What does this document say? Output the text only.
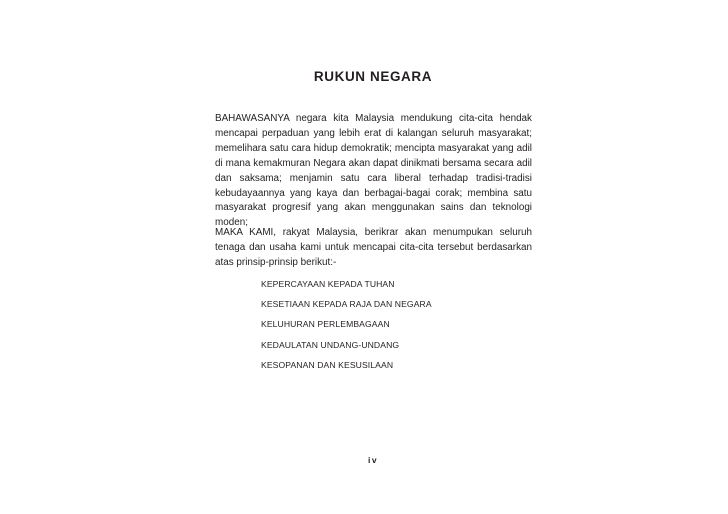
RUKUN NEGARA

BAHAWASANYA negara kita Malaysia mendukung cita-cita hendak mencapai perpaduan yang lebih erat di kalangan seluruh masyarakat; memelihara satu cara hidup demokratik; mencipta masyarakat yang adil di mana kemakmuran Negara akan dapat dinikmati bersama secara adil dan saksama; menjamin satu cara liberal terhadap tradisi-tradisi kebudayaannya yang kaya dan berbagai-bagai corak; membina satu masyarakat progresif yang akan menggunakan sains dan teknologi moden;

MAKA KAMI, rakyat Malaysia, berikrar akan menumpukan seluruh tenaga dan usaha kami untuk mencapai cita-cita tersebut berdasarkan atas prinsip-prinsip berikut:-

KEPERCAYAAN KEPADA TUHAN
KESETIAAN KEPADA RAJA DAN NEGARA
KELUHURAN PERLEMBAGAAN
KEDAULATAN UNDANG-UNDANG
KESOPANAN DAN KESUSILAAN
iv
